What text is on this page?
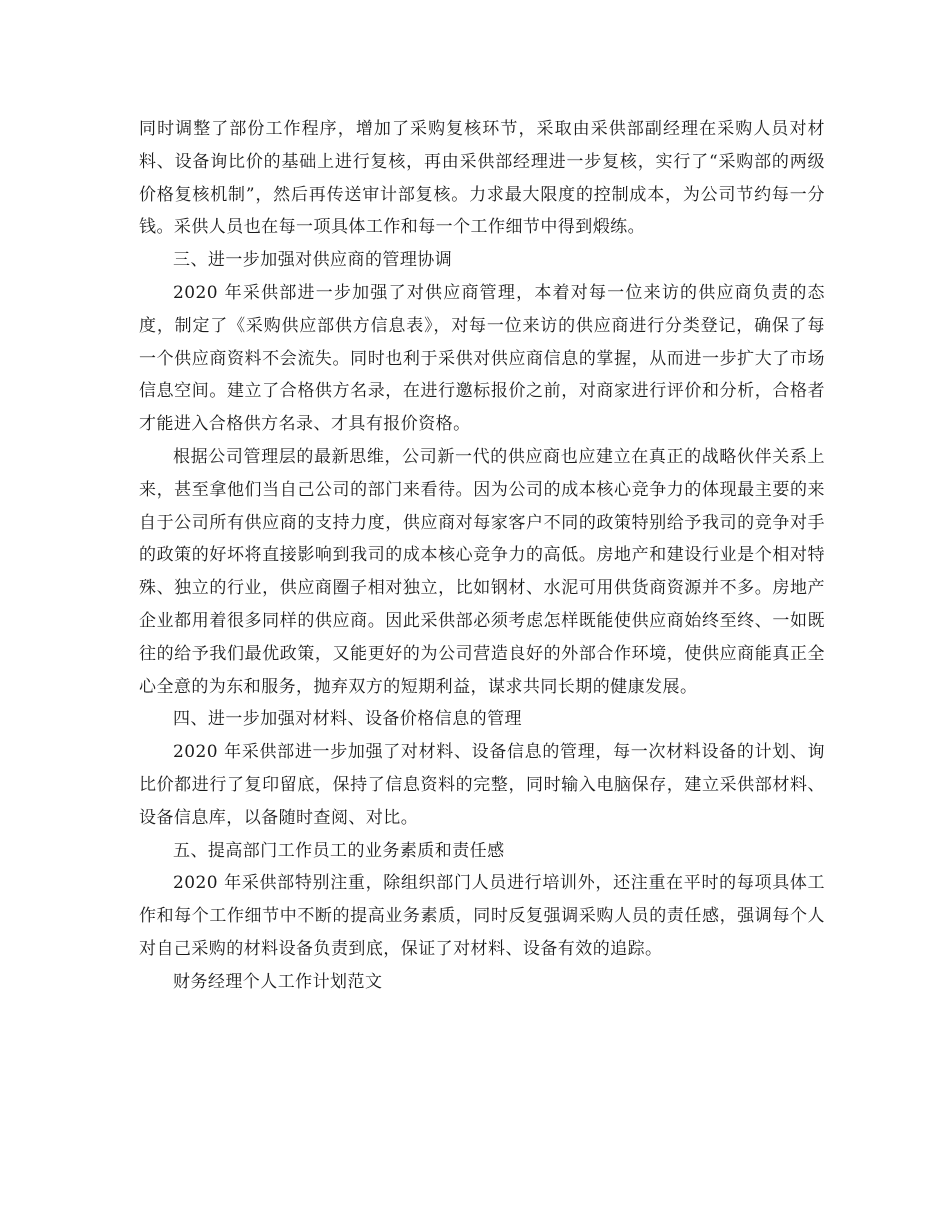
同时调整了部份工作程序，增加了采购复核环节，采取由采供部副经理在采购人员对材料、设备询比价的基础上进行复核，再由采供部经理进一步复核，实行了“采购部的两级价格复核机制”，然后再传送审计部复核。力求最大限度的控制成本，为公司节约每一分钱。采供人员也在每一项具体工作和每一个工作细节中得到煅练。

三、进一步加强对供应商的管理协调

2020 年采供部进一步加强了对供应商管理，本着对每一位来访的供应商负责的态度，制定了《采购供应部供方信息表》，对每一位来访的供应商进行分类登记，确保了每一个供应商资料不会流失。同时也利于采供对供应商信息的掌握，从而进一步扩大了市场信息空间。建立了合格供方名录，在进行邀标报价之前，对商家进行评价和分析，合格者才能进入合格供方名录、才具有报价资格。

根据公司管理层的最新思维，公司新一代的供应商也应建立在真正的战略伙伴关系上来，甚至拿他们当自己公司的部门来看待。因为公司的成本核心竞争力的体现最主要的来自于公司所有供应商的支持力度，供应商对每家客户不同的政策特别给予我司的竞争对手的政策的好坏将直接影响到我司的成本核心竞争力的高低。房地产和建设行业是个相对特殊、独立的行业，供应商圈子相对独立，比如钢材、水泥可用供货商资源并不多。房地产企业都用着很多同样的供应商。因此采供部必须考虑怎样既能使供应商始终至终、一如既往的给予我们最优政策，又能更好的为公司营造良好的外部合作环境，使供应商能真正全心全意的为东和服务，抛弃双方的短期利益，谋求共同长期的健康发展。

四、进一步加强对材料、设备价格信息的管理

2020 年采供部进一步加强了对材料、设备信息的管理，每一次材料设备的计划、询比价都进行了复印留底，保持了信息资料的完整，同时输入电脑保存，建立采供部材料、设备信息库，以备随时查阅、对比。

五、提高部门工作员工的业务素质和责任感

2020 年采供部特别注重，除组织部门人员进行培训外，还注重在平时的每项具体工作和每个工作细节中不断的提高业务素质，同时反复强调采购人员的责任感，强调每个人对自己采购的材料设备负责到底，保证了对材料、设备有效的追踪。

财务经理个人工作计划范文
